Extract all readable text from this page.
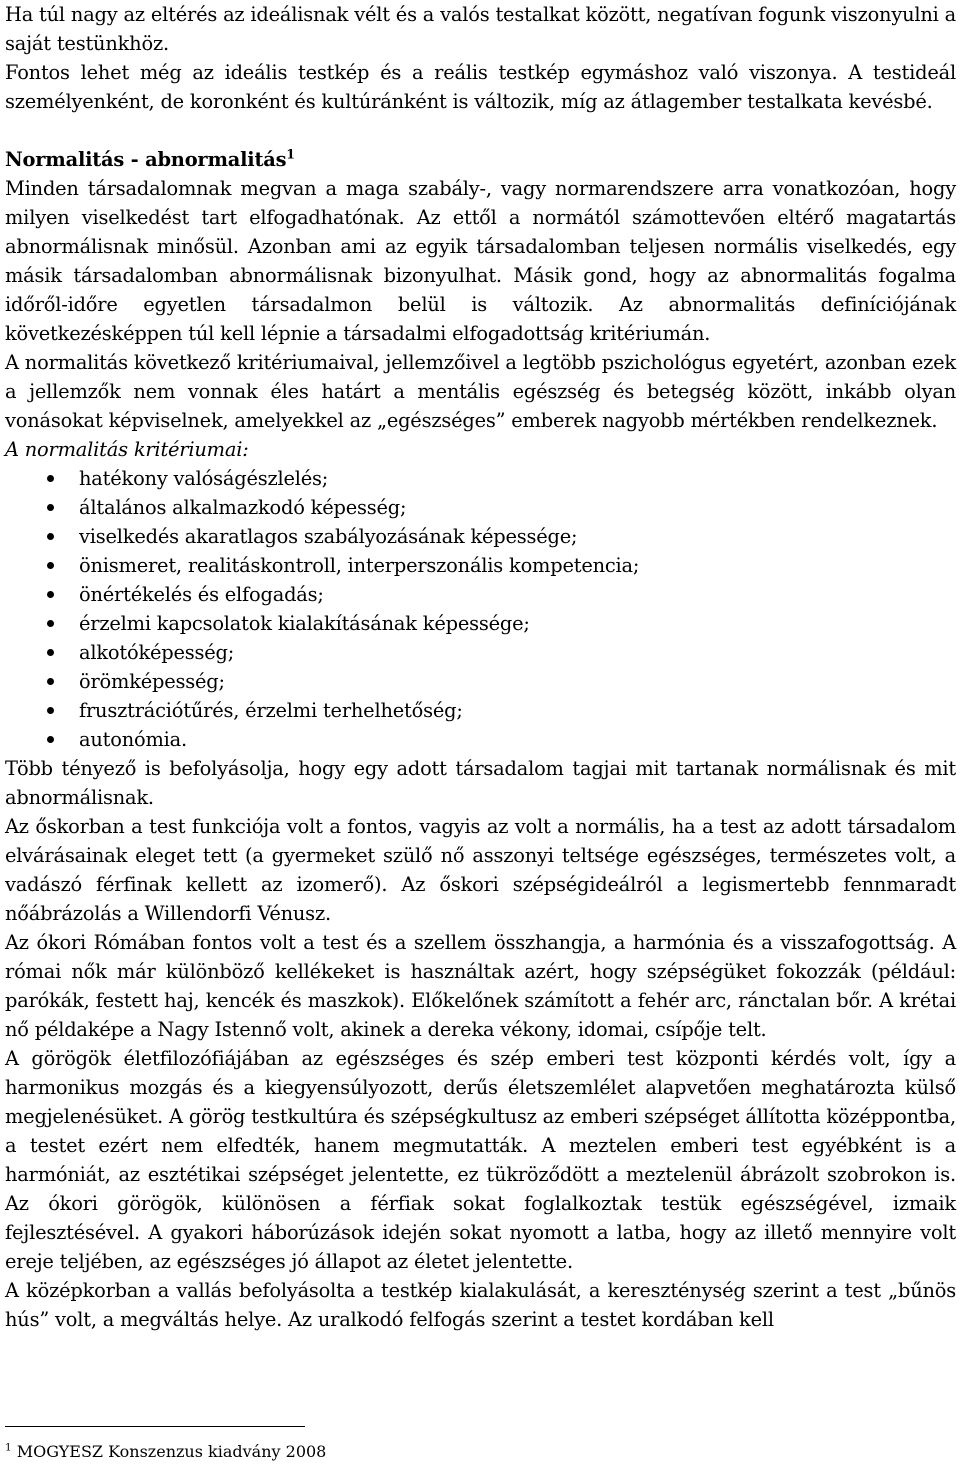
Ha túl nagy az eltérés az ideálisnak vélt és a valós testalkat között, negatívan fogunk viszonyulni a saját testünkhöz.

Fontos lehet még az ideális testkép és a reális testkép egymáshoz való viszonya. A testideál személyenként, de koronként és kultúránként is változik, míg az átlagember testalkata kevésbé.

Normalitás - abnormalitás$^1$

Minden társadalomnak megvan a maga szabály-, vagy normarendszere arra vonatkozóan, hogy milyen viselkedést tart elfogadhatónak. Az ettől a normától számottevően eltérő magatartás abnormálisnak minősül. Azonban ami az egyik társadalomban teljesen normális viselkedés, egy másik társadalomban abnormálisnak bizonyulhat. Másik gond, hogy az abnormalitás fogalma időről-időre egyetlen társadalmon belül is változik. Az abnormalitás definíciójának következésképpen túl kell lépnie a társadalmi elfogadottság kritériumán.

A normalitás következő kritériumaival, jellemzőivel a legtöbb pszichológus egyetért, azonban ezek a jellemzők nem vonnak éles határt a mentális egészség és betegség között, inkább olyan vonásokat képviselnek, amelyekkel az „egészséges” emberek nagyobb mértékben rendelkeznek.

A normalitás kritériumai:

hatékony valóságészlelés;
általános alkalmazkodó képesség;
viselkedés akaratlagos szabályozásának képessége;
önismeret, realitáskontroll, interperszonális kompetencia;
önértékelés és elfogadás;
érzelmi kapcsolatok kialakításának képessége;
alkotóképesség;
örömképesség;
frusztrációtűrés, érzelmi terhelhetőség;
autonómia.

Több tényező is befolyásolja, hogy egy adott társadalom tagjai mit tartanak normálisnak és mit abnormálisnak.

Az őskorban a test funkciója volt a fontos, vagyis az volt a normális, ha a test az adott társadalom elvárásainak eleget tett (a gyermeket szülő nő asszonyi teltsége egészséges, természetes volt, a vadászó férfinak kellett az izomerő). Az őskori szépségideálról a legismertebb fennmaradt nőábrázolás a Willendorfi Vénusz.

Az ókori Rómában fontos volt a test és a szellem összhangja, a harmónia és a visszafogottság. A római nők már különböző kellékeket is használtak azért, hogy szépségüket fokozzák (például: parókák, festett haj, kencék és maszkok). Előkelőnek számított a fehér arc, ránctalan bőr. A krétai nő példaképe a Nagy Istennő volt, akinek a dereka vékony, idomai, csípője telt.

A görögök életfilozófiájában az egészséges és szép emberi test központi kérdés volt, így a harmonikus mozgás és a kiegyensúlyozott, derűs életszemlélet alapvetően meghatározta külső megjelenésüket. A görög testkultúra és szépségkultusz az emberi szépséget állította középpontba, a testet ezért nem elfedték, hanem megmutatták. A meztelen emberi test egyébként is a harmóniát, az esztétikai szépséget jelentette, ez tükröződött a meztelenül ábrázolt szobrokon is. Az ókori görögök, különösen a férfiak sokat foglalkoztak testük egészségével, izmaik fejlesztésével. A gyakori háborúzások idején sokat nyomott a latba, hogy az illető mennyire volt ereje teljében, az egészséges jó állapot az életet jelentette.

A középkorban a vallás befolyásolta a testkép kialakulását, a kereszténység szerint a test „bűnös hús” volt, a megváltás helye. Az uralkodó felfogás szerint a testet kordában kell

$^1$ MOGYESZ Konszenzus kiadvány 2008
